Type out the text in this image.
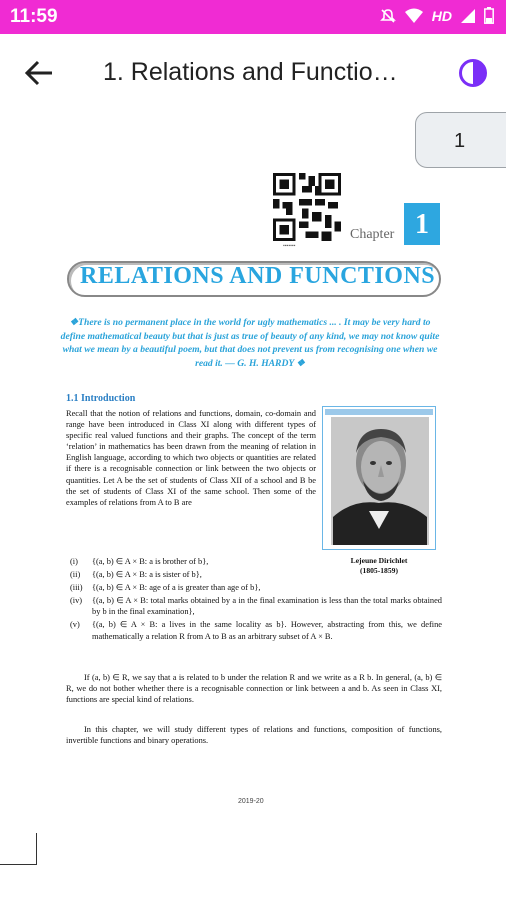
11:59	HD
1. Relations and Functio…
1
▪▪▪▪▪▪▪
Chapter 1
RELATIONS AND FUNCTIONS
❖There is no permanent place in the world for ugly mathematics ... . It may be very hard to define mathematical beauty but that is just as true of beauty of any kind, we may not know quite what we mean by a beautiful poem, but that does not prevent us from recognising one when we read it. — G. H. HARDY ❖
1.1 Introduction
Recall that the notion of relations and functions, domain, co-domain and range have been introduced in Class XI along with different types of specific real valued functions and their graphs. The concept of the term ‘relation’ in mathematics has been drawn from the meaning of relation in English language, according to which two objects or quantities are related if there is a recognisable connection or link between the two objects or quantities. Let A be the set of students of Class XII of a school and B be the set of students of Class XI of the same school. Then some of the examples of relations from A to B are
Lejeune Dirichlet
(1805-1859)
(i) {(a, b) ∈ A × B: a is brother of b},
(ii) {(a, b) ∈ A × B: a is sister of b},
(iii) {(a, b) ∈ A × B: age of a is greater than age of b},
(iv) {(a, b) ∈ A × B: total marks obtained by a in the final examination is less than the total marks obtained by b in the final examination},
(v) {(a, b) ∈ A × B: a lives in the same locality as b}. However, abstracting from this, we define mathematically a relation R from A to B as an arbitrary subset of A × B.
If (a, b) ∈ R, we say that a is related to b under the relation R and we write as a R b. In general, (a, b) ∈ R, we do not bother whether there is a recognisable connection or link between a and b. As seen in Class XI, functions are special kind of relations.
In this chapter, we will study different types of relations and functions, composition of functions, invertible functions and binary operations.
2019-20
